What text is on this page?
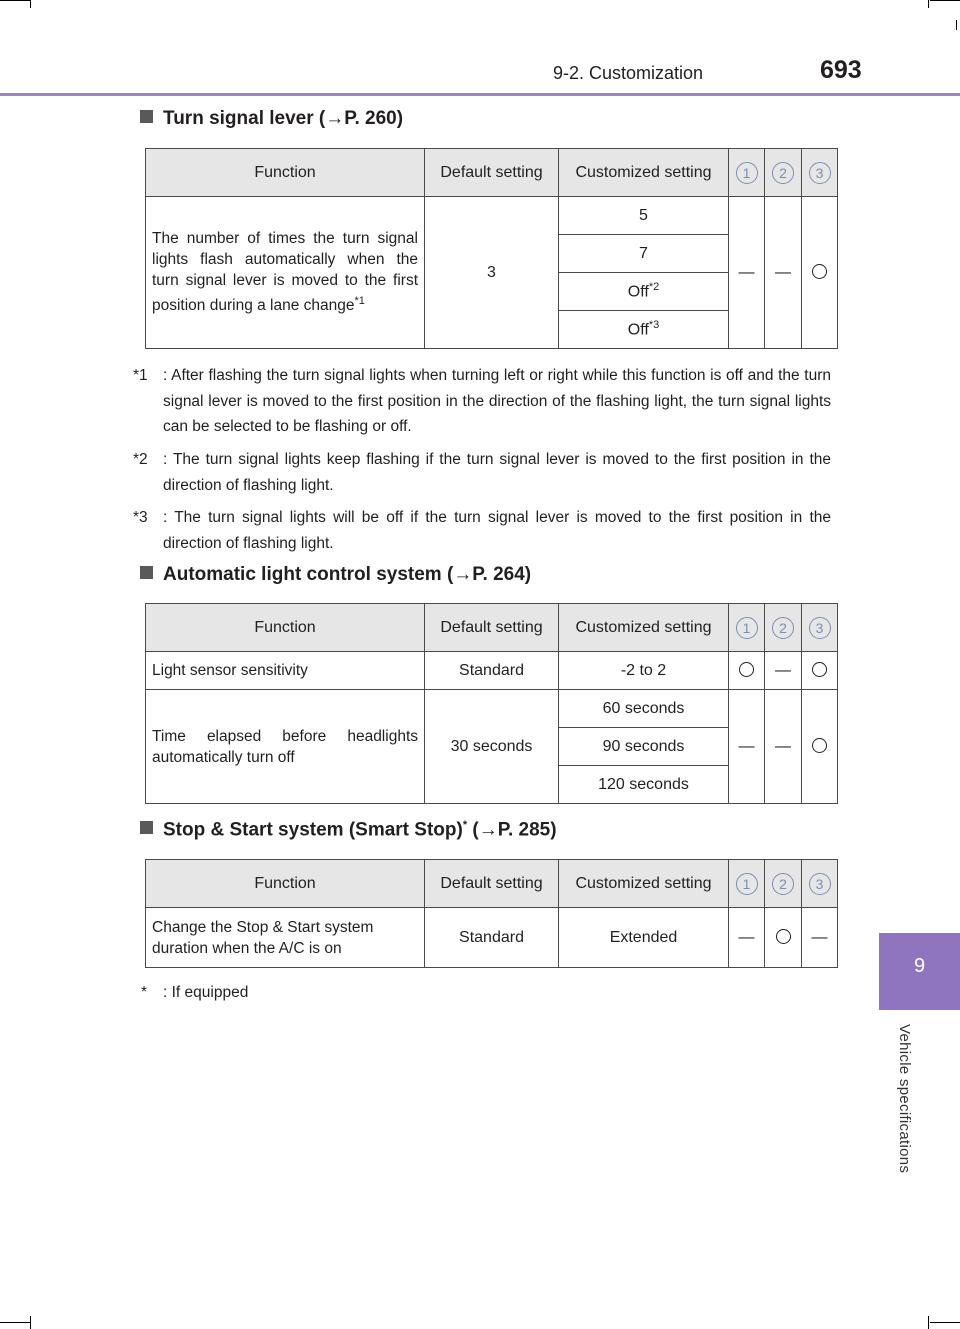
9-2. Customization	693
9
Vehicle specifications
Turn signal lever (→P. 260)
Function	Default setting	Customized setting	1	2	3
The number of times the turn signal lights flash automatically when the turn signal lever is moved to the first position during a lane change$^{*1}$	3	5	—	—	
		7			
		Off$^{*2}$
		Off$^{*3}$
*1 : After flashing the turn signal lights when turning left or right while this function is off and the turn signal lever is moved to the first position in the direction of the flashing light, the turn signal lights can be selected to be flashing or off.
*2 : The turn signal lights keep flashing if the turn signal lever is moved to the first position in the direction of flashing light.
*3 : The turn signal lights will be off if the turn signal lever is moved to the first position in the direction of flashing light.
Automatic light control system (→P. 264)
Function	Default setting	Customized setting	1	2	3
Light sensor sensitivity	Standard	-2 to 2		—	
Time elapsed before headlights automatically turn off	30 seconds	60 seconds	—	—	
		90 seconds			
		120 seconds			
Stop & Start system (Smart Stop)* (→P. 285)
Function	Default setting	Customized setting	1	2	3
Change the Stop & Start system duration when the A/C is on	Standard	Extended	—		—
* : If equipped
